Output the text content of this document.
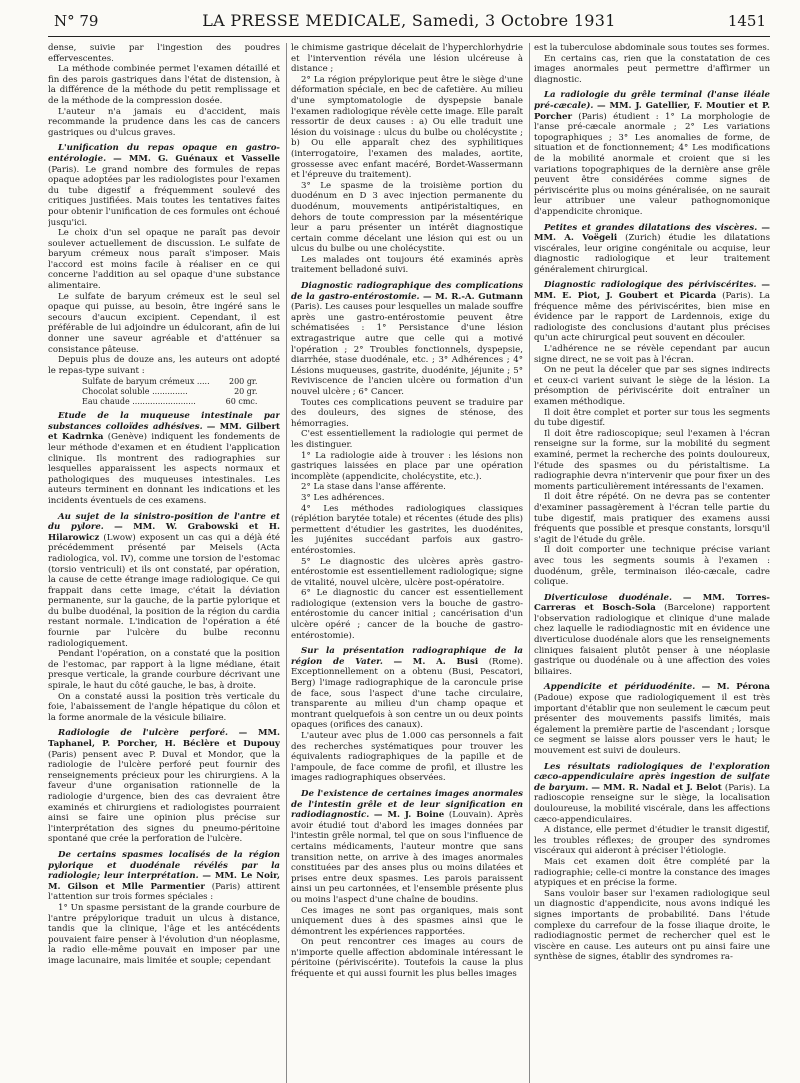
N° 79	LA PRESSE MEDICALE, Samedi, 3 Octobre 1931	1451

dense, suivie par l'ingestion des poudres effervescentes.

La méthode combinée permet l'examen détaillé et fin des parois gastriques dans l'état de distension, à la différence de la méthode du petit remplissage et de la méthode de la compression dosée.

L'auteur n'a jamais eu d'accident, mais recommande la prudence dans les cas de cancers gastriques ou d'ulcus graves.

L'unification du repas opaque en gastro-entérologie. — MM. G. Guénaux et Vasselle (Paris). Le grand nombre des formules de repas opaque adoptées par les radiologistes pour l'examen du tube digestif a fréquemment soulevé des critiques justifiées. Mais toutes les tentatives faites pour obtenir l'unification de ces formules ont échoué jusqu'ici.

Le choix d'un sel opaque ne paraît pas devoir soulever actuellement de discussion. Le sulfate de baryum crémeux nous paraît s'imposer. Mais l'accord est moins facile à réaliser en ce qui concerne l'addition au sel opaque d'une substance alimentaire.

Le sulfate de baryum crémeux est le seul sel opaque qui puisse, au besoin, être ingéré sans le secours d'aucun excipient. Cependant, il est préférable de lui adjoindre un édulcorant, afin de lui donner une saveur agréable et d'atténuer sa consistance pâteuse.

Depuis plus de douze ans, les auteurs ont adopté le repas-type suivant :

Sulfate de baryum crémeux .....	200 gr.
Chocolat soluble ..............	20 gr.
Eau chaude .........................	60 cmc.

Etude de la muqueuse intestinale par substances colloïdes adhésives. — MM. Gilbert et Kadrnka (Genève) indiquent les fondements de leur méthode d'examen et en étudient l'application clinique. Ils montrent des radiographies sur lesquelles apparaissent les aspects normaux et pathologiques des muqueuses intestinales. Les auteurs terminent en donnant les indications et les incidents éventuels de ces examens.

Au sujet de la sinistro-position de l'antre et du pylore. — MM. W. Grabowski et H. Hilarowicz (Lwow) exposent un cas qui a déjà été précédemment présenté par Meisels (Acta radiologica, vol. IV), comme une torsion de l'estomac (torsio ventriculi) et ils ont constaté, par opération, la cause de cette étrange image radiologique. Ce qui frappait dans cette image, c'était la déviation permanente, sur la gauche, de la partie pylorique et du bulbe duodénal, la position de la région du cardia restant normale. L'indication de l'opération a été fournie par l'ulcère du bulbe reconnu radiologiquement.

Pendant l'opération, on a constaté que la position de l'estomac, par rapport à la ligne médiane, était presque verticale, la grande courbure décrivant une spirale, le haut du côté gauche, le bas, à droite.

On a constaté aussi la position très verticale du foie, l'abaissement de l'angle hépatique du côlon et la forme anormale de la vésicule biliaire.

Radiologie de l'ulcère perforé. — MM. Taphanel, P. Porcher, H. Béclère et Dupouy (Paris) pensent avec P. Duval et Mondor, que la radiologie de l'ulcère perforé peut fournir des renseignements précieux pour les chirurgiens. A la faveur d'une organisation rationnelle de la radiologie d'urgence, bien des cas devraient être examinés et chirurgiens et radiologistes pourraient ainsi se faire une opinion plus précise sur l'interprétation des signes du pneumo-péritoine spontané que crée la perforation de l'ulcère.

De certains spasmes localisés de la région pylorique et duodénale révélés par la radiologie; leur interprétation. — MM. Le Noir, M. Gilson et Mlle Parmentier (Paris) attirent l'attention sur trois formes spéciales :

1° Un spasme persistant de la grande courbure de l'antre prépylorique traduit un ulcus à distance, tandis que la clinique, l'âge et les antécédents pouvaient faire penser à l'évolution d'un néoplasme, la radio elle-même pouvait en imposer par une image lacunaire, mais limitée et souple; cependant

le chimisme gastrique décelait de l'hyperchlorhydrie et l'intervention révéla une lésion ulcéreuse à distance ;

2° La région prépylorique peut être le siège d'une déformation spéciale, en bec de cafetière. Au milieu d'une symptomatologie de dyspepsie banale l'examen radiologique révèle cette image. Elle paraît ressortir de deux causes : a) Ou elle traduit une lésion du voisinage : ulcus du bulbe ou cholécystite ; b) Ou elle apparaît chez des syphilitiques (interrogatoire, l'examen des malades, aortite, grossesse avec enfant macéré, Bordet-Wassermann et l'épreuve du traitement).

3° Le spasme de la troisième portion du duodénum en D 3 avec injection permanente du duodénum, mouvements antipéristaltiques, en dehors de toute compression par la mésentérique leur a paru présenter un intérêt diagnostique certain comme décelant une lésion qui est ou un ulcus du bulbe ou une cholécystite.

Les malades ont toujours été examinés après traitement belladoné suivi.

Diagnostic radiographique des complications de la gastro-entérostomie. — M. R.-A. Gutmann (Paris). Les causes pour lesquelles un malade souffre après une gastro-entérostomie peuvent être schématisées : 1° Persistance d'une lésion extragastrique autre que celle qui a motivé l'opération ; 2° Troubles fonctionnels, dyspepsie, diarrhée, stase duodénale, etc. ; 3° Adhérences ; 4° Lésions muqueuses, gastrite, duodénite, jéjunite ; 5° Reviviscence de l'ancien ulcère ou formation d'un nouvel ulcère ; 6° Cancer.

Toutes ces complications peuvent se traduire par des douleurs, des signes de sténose, des hémorragies.

C'est essentiellement la radiologie qui permet de les distinguer.

1° La radiologie aide à trouver : les lésions non gastriques laissées en place par une opération incomplète (appendicite, cholécystite, etc.).

2° La stase dans l'anse afférente.

3° Les adhérences.

4° Les méthodes radiologiques classiques (réplétion barytée totale) et récentes (étude des plis) permettent d'étudier les gastrites, les duodénites, les jujénites succédant parfois aux gastro-entérostomies.

5° Le diagnostic des ulcères après gastro-entérostomie est essentiellement radiologique; signe de vitalité, nouvel ulcère, ulcère post-opératoire.

6° Le diagnostic du cancer est essentiellement radiologique (extension vers la bouche de gastro-entérostomie du cancer initial ; cancérisation d'un ulcère opéré ; cancer de la bouche de gastro-entérostomie).

Sur la présentation radiographique de la région de Vater. — M. A. Busi (Rome). Exceptionnellement on a obtenu (Busi, Pescatori, Berg) l'image radiographique de la caroncule prise de face, sous l'aspect d'une tache circulaire, transparente au milieu d'un champ opaque et montrant quelquefois à son centre un ou deux points opaques (orifices des canaux).

L'auteur avec plus de 1.000 cas personnels a fait des recherches systématiques pour trouver les équivalents radiographiques de la papille et de l'ampoule, de face comme de profil, et illustre les images radiographiques observées.

De l'existence de certaines images anormales de l'intestin grêle et de leur signification en radiodiagnostic. — M. J. Boine (Louvain). Après avoir étudié tout d'abord les images données par l'intestin grêle normal, tel que on sous l'influence de certains médicaments, l'auteur montre que sans transition nette, on arrive à des images anormales constituées par des anses plus ou moins dilatées et prises entre deux spasmes. Les parois paraissent ainsi un peu cartonnées, et l'ensemble présente plus ou moins l'aspect d'une chaîne de boudins.

Ces images ne sont pas organiques, mais sont uniquement dues à des spasmes ainsi que le démontrent les expériences rapportées.

On peut rencontrer ces images au cours de n'importe quelle affection abdominale intéressant le péritoine (périviscérite). Toutefois la cause la plus fréquente et qui aussi fournit les plus belles images

est la tuberculose abdominale sous toutes ses formes.

En certains cas, rien que la constatation de ces images anormales peut permettre d'affirmer un diagnostic.

La radiologie du grêle terminal (l'anse iléale pré-cæcale). — MM. J. Gatellier, F. Moutier et P. Porcher (Paris) étudient : 1° La morphologie de l'anse pré-cæcale anormale ; 2° Les variations topographiques ; 3° Les anomalies de forme, de situation et de fonctionnement; 4° Les modifications de la mobilité anormale et croient que si les variations topographiques de la dernière anse grêle peuvent être considérées comme signes de périviscérite plus ou moins généralisée, on ne saurait leur attribuer une valeur pathognomonique d'appendicite chronique.

Petites et grandes dilatations des viscères. — MM. A. Voëgeli (Zurich) étudie les dilatations viscérales, leur origine congénitale ou acquise, leur diagnostic radiologique et leur traitement généralement chirurgical.

Diagnostic radiologique des périviscérites. — MM. E. Piot, J. Goubert et Picarda (Paris). La fréquence même des périviscérites, bien mise en évidence par le rapport de Lardennois, exige du radiologiste des conclusions d'autant plus précises qu'un acte chirurgical peut souvent en découler.

L'adhérence ne se révèle cependant par aucun signe direct, ne se voit pas à l'écran.

On ne peut la déceler que par ses signes indirects et ceux-ci varient suivant le siège de la lésion. La présomption de périviscérite doit entraîner un examen méthodique.

Il doit être complet et porter sur tous les segments du tube digestif.

Il doit être radioscopique; seul l'examen à l'écran renseigne sur la forme, sur la mobilité du segment examiné, permet la recherche des points douloureux, l'étude des spasmes ou du péristaltisme. La radiographie devra n'intervenir que pour fixer un des moments particulièrement intéressants de l'examen.

Il doit être répété. On ne devra pas se contenter d'examiner passagèrement à l'écran telle partie du tube digestif, mais pratiquer des examens aussi fréquents que possible et presque constants, lorsqu'il s'agit de l'étude du grêle.

Il doit comporter une technique précise variant avec tous les segments soumis à l'examen : duodénum, grêle, terminaison iléo-cæcale, cadre colique.

Diverticulose duodénale. — MM. Torres-Carreras et Bosch-Sola (Barcelone) rapportent l'observation radiologique et clinique d'une malade chez laquelle le radiodiagnostic mit en évidence une diverticulose duodénale alors que les renseignements cliniques faisaient plutôt penser à une néoplasie gastrique ou duodénale ou à une affection des voies biliaires.

Appendicite et périduodénite. — M. Pérona (Padoue) expose que radiologiquement il est très important d'établir que non seulement le cæcum peut présenter des mouvements passifs limités, mais également la première partie de l'ascendant ; lorsque ce segment se laisse alors pousser vers le haut; le mouvement est suivi de douleurs.

Les résultats radiologiques de l'exploration cæco-appendiculaire après ingestion de sulfate de baryum. — MM. R. Nadal et J. Belot (Paris). La radioscopie renseigne sur le siège, la localisation douloureuse, la mobilité viscérale, dans les affections cæco-appendiculaires.

A distance, elle permet d'étudier le transit digestif, les troubles réflexes; de grouper des syndromes viscéraux qui aideront à préciser l'étiologie.

Mais cet examen doit être complété par la radiographie; celle-ci montre la constance des images atypiques et en précise la forme.

Sans vouloir baser sur l'examen radiologique seul un diagnostic d'appendicite, nous avons indiqué les signes importants de probabilité. Dans l'étude complexe du carrefour de la fosse iliaque droite, le radiodiagnostic permet de rechercher quel est le viscère en cause. Les auteurs ont pu ainsi faire une synthèse de signes, établir des syndromes ra-
